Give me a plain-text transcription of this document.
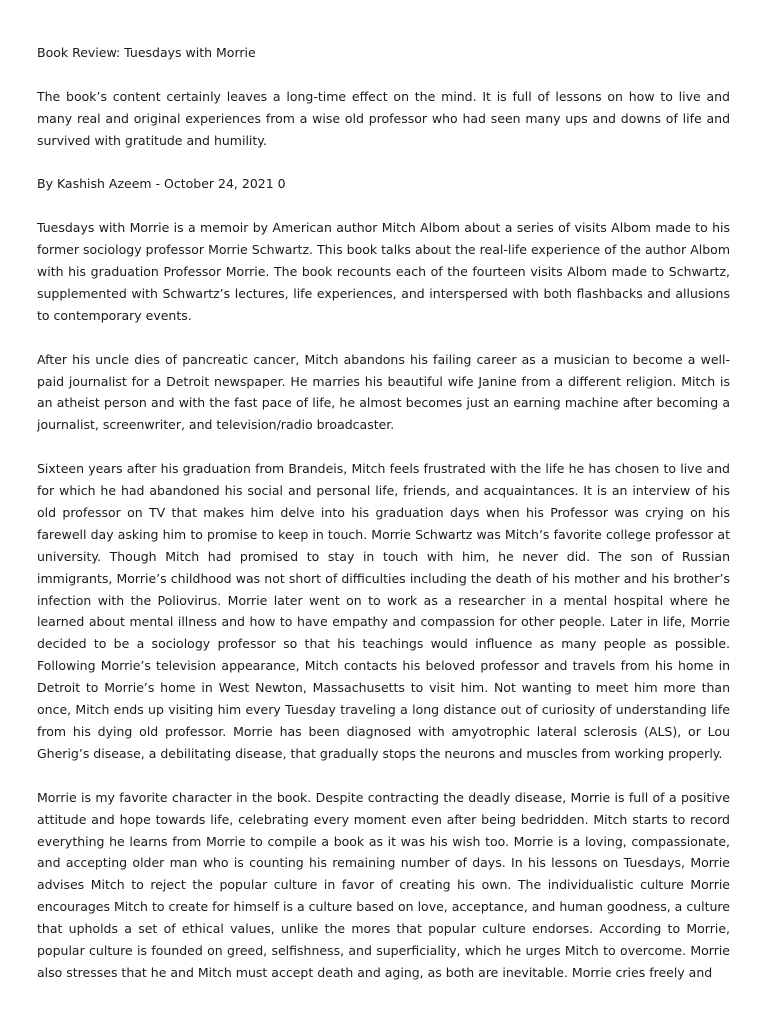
Book Review: Tuesdays with Morrie

The book’s content certainly leaves a long-time effect on the mind. It is full of lessons on how to live and many real and original experiences from a wise old professor who had seen many ups and downs of life and survived with gratitude and humility.

By Kashish Azeem - October 24, 2021 0

Tuesdays with Morrie is a memoir by American author Mitch Albom about a series of visits Albom made to his former sociology professor Morrie Schwartz. This book talks about the real-life experience of the author Albom with his graduation Professor Morrie. The book recounts each of the fourteen visits Albom made to Schwartz, supplemented with Schwartz’s lectures, life experiences, and interspersed with both flashbacks and allusions to contemporary events.

After his uncle dies of pancreatic cancer, Mitch abandons his failing career as a musician to become a well-paid journalist for a Detroit newspaper. He marries his beautiful wife Janine from a different religion. Mitch is an atheist person and with the fast pace of life, he almost becomes just an earning machine after becoming a journalist, screenwriter, and television/radio broadcaster.

Sixteen years after his graduation from Brandeis, Mitch feels frustrated with the life he has chosen to live and for which he had abandoned his social and personal life, friends, and acquaintances. It is an interview of his old professor on TV that makes him delve into his graduation days when his Professor was crying on his farewell day asking him to promise to keep in touch. Morrie Schwartz was Mitch’s favorite college professor at university. Though Mitch had promised to stay in touch with him, he never did. The son of Russian immigrants, Morrie’s childhood was not short of difficulties including the death of his mother and his brother’s infection with the Poliovirus. Morrie later went on to work as a researcher in a mental hospital where he learned about mental illness and how to have empathy and compassion for other people. Later in life, Morrie decided to be a sociology professor so that his teachings would influence as many people as possible. Following Morrie’s television appearance, Mitch contacts his beloved professor and travels from his home in Detroit to Morrie’s home in West Newton, Massachusetts to visit him. Not wanting to meet him more than once, Mitch ends up visiting him every Tuesday traveling a long distance out of curiosity of understanding life from his dying old professor. Morrie has been diagnosed with amyotrophic lateral sclerosis (ALS), or Lou Gherig’s disease, a debilitating disease, that gradually stops the neurons and muscles from working properly.

Morrie is my favorite character in the book. Despite contracting the deadly disease, Morrie is full of a positive attitude and hope towards life, celebrating every moment even after being bedridden. Mitch starts to record everything he learns from Morrie to compile a book as it was his wish too. Morrie is a loving, compassionate, and accepting older man who is counting his remaining number of days. In his lessons on Tuesdays, Morrie advises Mitch to reject the popular culture in favor of creating his own. The individualistic culture Morrie encourages Mitch to create for himself is a culture based on love, acceptance, and human goodness, a culture that upholds a set of ethical values, unlike the mores that popular culture endorses. According to Morrie, popular culture is founded on greed, selfishness, and superficiality, which he urges Mitch to overcome. Morrie also stresses that he and Mitch must accept death and aging, as both are inevitable. Morrie cries freely and
